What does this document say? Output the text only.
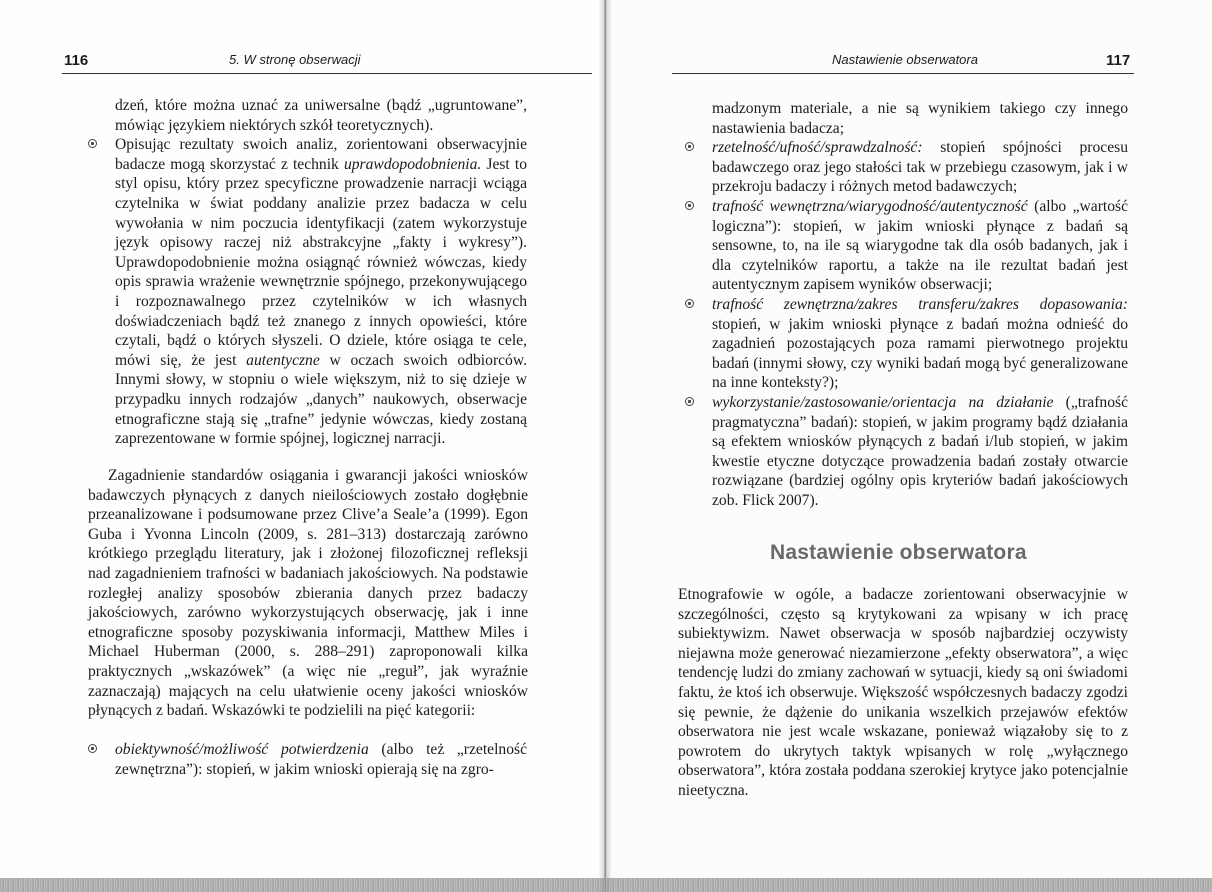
116	5. W stronę obserwacji

dzeń, które można uznać za uniwersalne (bądź „ugruntowane”, mówiąc językiem niektórych szkół teoretycznych).

Opisując rezultaty swoich analiz, zorientowani obserwacyjnie badacze mogą skorzystać z technik uprawdopodobnienia. Jest to styl opisu, który przez specyficzne prowadzenie narracji wciąga czytelnika w świat poddany analizie przez badacza w celu wywołania w nim poczucia identyfikacji (zatem wykorzystuje język opisowy raczej niż abstrakcyjne „fakty i wykresy”). Uprawdopodobnienie można osiągnąć również wówczas, kiedy opis sprawia wrażenie wewnętrznie spójnego, przekonywującego i rozpoznawalnego przez czytelników w ich własnych doświadczeniach bądź też znanego z innych opowieści, które czytali, bądź o których słyszeli. O dziele, które osiąga te cele, mówi się, że jest autentyczne w oczach swoich odbiorców. Innymi słowy, w stopniu o wiele większym, niż to się dzieje w przypadku innych rodzajów „danych” naukowych, obserwacje etnograficzne stają się „trafne” jedynie wówczas, kiedy zostaną zaprezentowane w formie spójnej, logicznej narracji.

Zagadnienie standardów osiągania i gwarancji jakości wniosków badawczych płynących z danych nieilościowych zostało dogłębnie przeanalizowane i podsumowane przez Clive’a Seale’a (1999). Egon Guba i Yvonna Lincoln (2009, s. 281–313) dostarczają zarówno krótkiego przeglądu literatury, jak i złożonej filozoficznej refleksji nad zagadnieniem trafności w badaniach jakościowych. Na podstawie rozległej analizy sposobów zbierania danych przez badaczy jakościowych, zarówno wykorzystujących obserwację, jak i inne etnograficzne sposoby pozyskiwania informacji, Matthew Miles i Michael Huberman (2000, s. 288–291) zaproponowali kilka praktycznych „wskazówek” (a więc nie „reguł”, jak wyraźnie zaznaczają) mających na celu ułatwienie oceny jakości wniosków płynących z badań. Wskazówki te podzielili na pięć kategorii:

obiektywność/możliwość potwierdzenia (albo też „rzetelność zewnętrzna”): stopień, w jakim wnioski opierają się na zgro-
Nastawienie obserwatora	117

madzonym materiale, a nie są wynikiem takiego czy innego nastawienia badacza;

rzetelność/ufność/sprawdzalność: stopień spójności procesu badawczego oraz jego stałości tak w przebiegu czasowym, jak i w przekroju badaczy i różnych metod badawczych;
trafność wewnętrzna/wiarygodność/autentyczność (albo „wartość logiczna”): stopień, w jakim wnioski płynące z badań są sensowne, to, na ile są wiarygodne tak dla osób badanych, jak i dla czytelników raportu, a także na ile rezultat badań jest autentycznym zapisem wyników obserwacji;
trafność zewnętrzna/zakres transferu/zakres dopasowania: stopień, w jakim wnioski płynące z badań można odnieść do zagadnień pozostających poza ramami pierwotnego projektu badań (innymi słowy, czy wyniki badań mogą być generalizowane na inne konteksty?);
wykorzystanie/zastosowanie/orientacja na działanie („trafność pragmatyczna” badań): stopień, w jakim programy bądź działania są efektem wniosków płynących z badań i/lub stopień, w jakim kwestie etyczne dotyczące prowadzenia badań zostały otwarcie rozwiązane (bardziej ogólny opis kryteriów badań jakościowych zob. Flick 2007).
Nastawienie obserwatora

Etnografowie w ogóle, a badacze zorientowani obserwacyjnie w szczególności, często są krytykowani za wpisany w ich pracę subiektywizm. Nawet obserwacja w sposób najbardziej oczywisty niejawna może generować niezamierzone „efekty obserwatora”, a więc tendencję ludzi do zmiany zachowań w sytuacji, kiedy są oni świadomi faktu, że ktoś ich obserwuje. Większość współczesnych badaczy zgodzi się pewnie, że dążenie do unikania wszelkich przejawów efektów obserwatora nie jest wcale wskazane, ponieważ wiązałoby się to z powrotem do ukrytych taktyk wpisanych w rolę „wyłącznego obserwatora”, która została poddana szerokiej krytyce jako potencjalnie nieetyczna.
